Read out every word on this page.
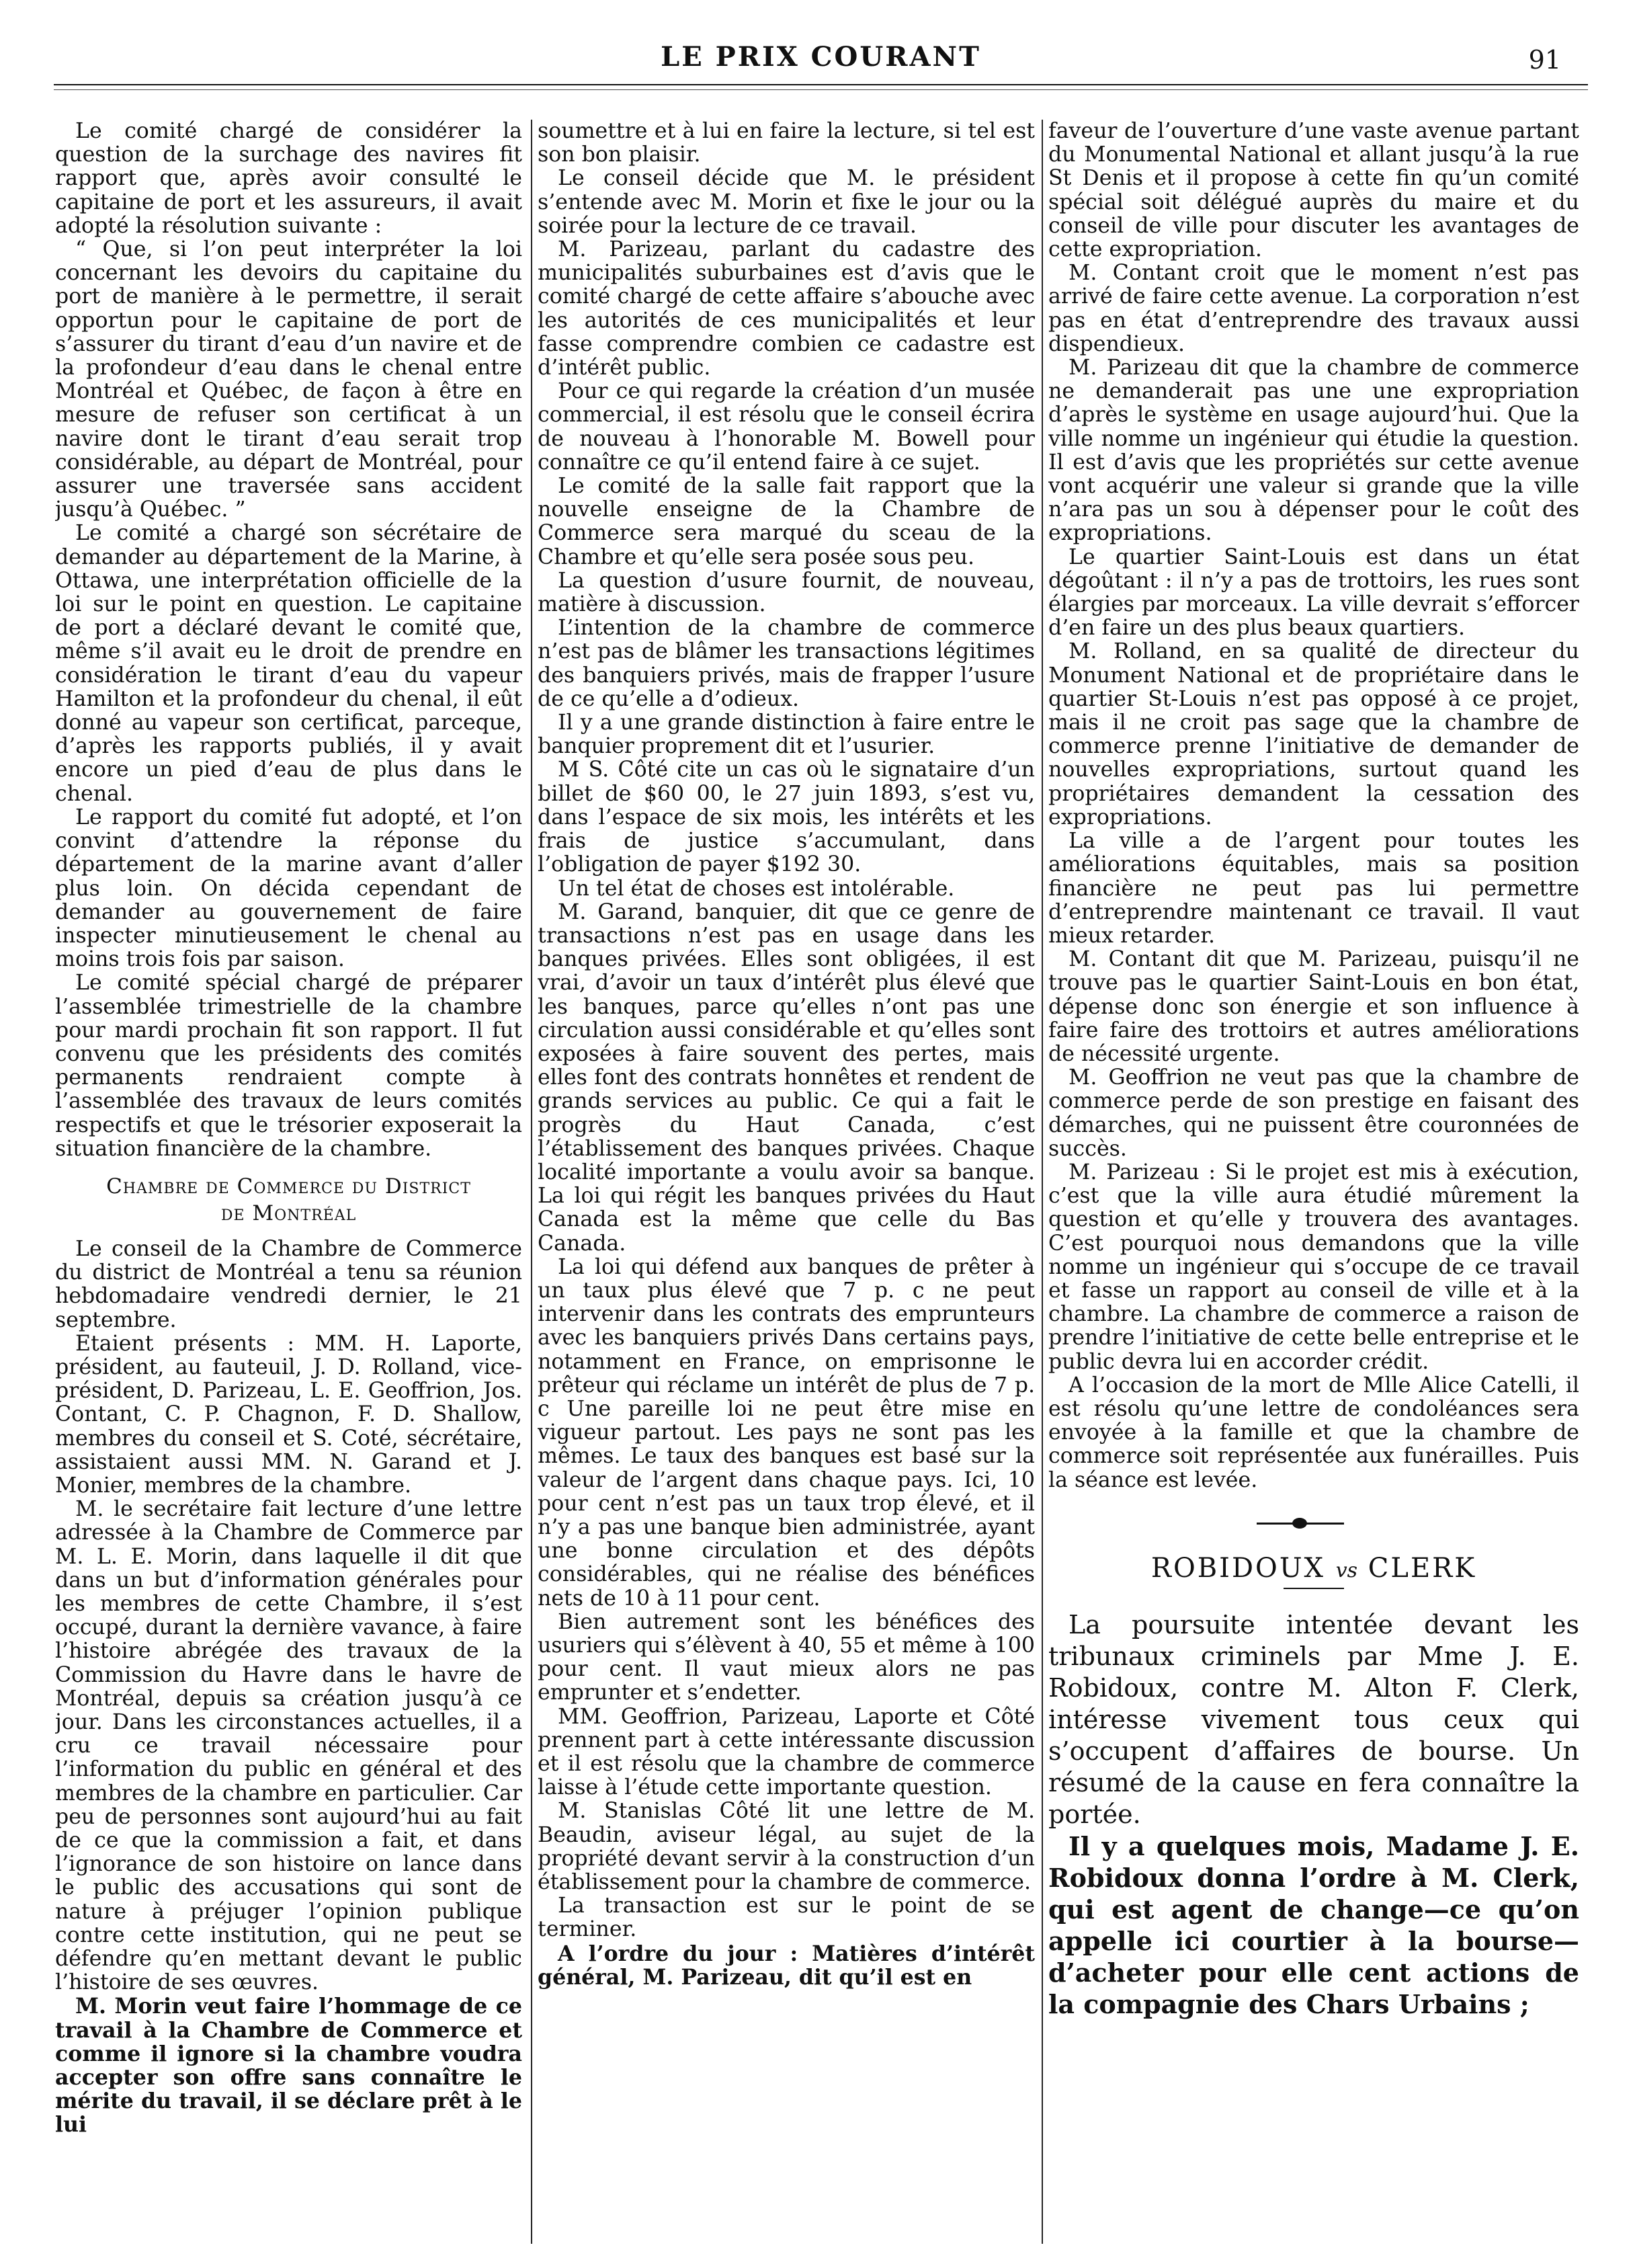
LE PRIX COURANT	91

Le comité chargé de considérer la question de la surchage des navires fit rapport que, après avoir consulté le capitaine de port et les assureurs, il avait adopté la résolution suivante :

“ Que, si l’on peut interpréter la loi concernant les devoirs du capitaine du port de manière à le permettre, il serait opportun pour le capitaine de port de s’assurer du tirant d’eau d’un navire et de la profondeur d’eau dans le chenal entre Montréal et Québec, de façon à être en mesure de refuser son certificat à un navire dont le tirant d’eau serait trop considérable, au départ de Montréal, pour assurer une traversée sans accident jusqu’à Québec. ”

Le comité a chargé son sécrétaire de demander au département de la Marine, à Ottawa, une interprétation officielle de la loi sur le point en question. Le capitaine de port a déclaré devant le comité que, même s’il avait eu le droit de prendre en considération le tirant d’eau du vapeur Hamilton et la profondeur du chenal, il eût donné au vapeur son certificat, parceque, d’après les rapports publiés, il y avait encore un pied d’eau de plus dans le chenal.

Le rapport du comité fut adopté, et l’on convint d’attendre la réponse du département de la marine avant d’aller plus loin. On décida cependant de demander au gouvernement de faire inspecter minutieusement le chenal au moins trois fois par saison.

Le comité spécial chargé de préparer l’assemblée trimestrielle de la chambre pour mardi prochain fit son rapport. Il fut convenu que les présidents des comités permanents rendraient compte à l’assemblée des travaux de leurs comités respectifs et que le trésorier exposerait la situation financière de la chambre.

Chambre de Commerce du District
de Montréal

Le conseil de la Chambre de Commerce du district de Montréal a tenu sa réunion hebdomadaire vendredi dernier, le 21 septembre.

Etaient présents : MM. H. Laporte, président, au fauteuil, J. D. Rolland, vice-président, D. Parizeau, L. E. Geoffrion, Jos. Contant, C. P. Chagnon, F. D. Shallow, membres du conseil et S. Coté, sécrétaire, assistaient aussi MM. N. Garand et J. Monier, membres de la chambre.

M. le secrétaire fait lecture d’une lettre adressée à la Chambre de Commerce par M. L. E. Morin, dans laquelle il dit que dans un but d’information générales pour les membres de cette Chambre, il s’est occupé, durant la dernière vavance, à faire l’histoire abrégée des travaux de la Commission du Havre dans le havre de Montréal, depuis sa création jusqu’à ce jour. Dans les circonstances actuelles, il a cru ce travail nécessaire pour l’information du public en général et des membres de la chambre en particulier. Car peu de personnes sont aujourd’hui au fait de ce que la commission a fait, et dans l’ignorance de son histoire on lance dans le public des accusations qui sont de nature à préjuger l’opinion publique contre cette institution, qui ne peut se défendre qu’en mettant devant le public l’histoire de ses œuvres.

M. Morin veut faire l’hommage de ce travail à la Chambre de Commerce et comme il ignore si la chambre voudra accepter son offre sans connaître le mérite du travail, il se déclare prêt à le lui

soumettre et à lui en faire la lecture, si tel est son bon plaisir.

Le conseil décide que M. le président s’entende avec M. Morin et fixe le jour ou la soirée pour la lecture de ce travail.

M. Parizeau, parlant du cadastre des municipalités suburbaines est d’avis que le comité chargé de cette affaire s’abouche avec les autorités de ces municipalités et leur fasse comprendre combien ce cadastre est d’intérêt public.

Pour ce qui regarde la création d’un musée commercial, il est résolu que le conseil écrira de nouveau à l’honorable M. Bowell pour connaître ce qu’il entend faire à ce sujet.

Le comité de la salle fait rapport que la nouvelle enseigne de la Chambre de Commerce sera marqué du sceau de la Chambre et qu’elle sera posée sous peu.

La question d’usure fournit, de nouveau, matière à discussion.

L’intention de la chambre de commerce n’est pas de blâmer les transactions légitimes des banquiers privés, mais de frapper l’usure de ce qu’elle a d’odieux.

Il y a une grande distinction à faire entre le banquier proprement dit et l’usurier.

M S. Côté cite un cas où le signataire d’un billet de $60 00, le 27 juin 1893, s’est vu, dans l’espace de six mois, les intérêts et les frais de justice s’accumulant, dans l’obligation de payer $192 30.

Un tel état de choses est intolérable.

M. Garand, banquier, dit que ce genre de transactions n’est pas en usage dans les banques privées. Elles sont obligées, il est vrai, d’avoir un taux d’intérêt plus élevé que les banques, parce qu’elles n’ont pas une circulation aussi considérable et qu’elles sont exposées à faire souvent des pertes, mais elles font des contrats honnêtes et rendent de grands services au public. Ce qui a fait le progrès du Haut Canada, c’est l’établissement des banques privées. Chaque localité importante a voulu avoir sa banque. La loi qui régit les banques privées du Haut Canada est la même que celle du Bas Canada.

La loi qui défend aux banques de prêter à un taux plus élevé que 7 p. c ne peut intervenir dans les contrats des emprunteurs avec les banquiers privés Dans certains pays, notamment en France, on emprisonne le prêteur qui réclame un intérêt de plus de 7 p. c Une pareille loi ne peut être mise en vigueur partout. Les pays ne sont pas les mêmes. Le taux des banques est basé sur la valeur de l’argent dans chaque pays. Ici, 10 pour cent n’est pas un taux trop élevé, et il n’y a pas une banque bien administrée, ayant une bonne circulation et des dépôts considérables, qui ne réalise des bénéfices nets de 10 à 11 pour cent.

Bien autrement sont les bénéfices des usuriers qui s’élèvent à 40, 55 et même à 100 pour cent. Il vaut mieux alors ne pas emprunter et s’endetter.

MM. Geoffrion, Parizeau, Laporte et Côté prennent part à cette intéressante discussion et il est résolu que la chambre de commerce laisse à l’étude cette importante question.

M. Stanislas Côté lit une lettre de M. Beaudin, aviseur légal, au sujet de la propriété devant servir à la construction d’un établissement pour la chambre de commerce.

La transaction est sur le point de se terminer.

A l’ordre du jour : Matières d’intérêt général, M. Parizeau, dit qu’il est en

faveur de l’ouverture d’une vaste avenue partant du Monumental National et allant jusqu’à la rue St Denis et il propose à cette fin qu’un comité spécial soit délégué auprès du maire et du conseil de ville pour discuter les avantages de cette expropriation.

M. Contant croit que le moment n’est pas arrivé de faire cette avenue. La corporation n’est pas en état d’entreprendre des travaux aussi dispendieux.

M. Parizeau dit que la chambre de commerce ne demanderait pas une une expropriation d’après le système en usage aujourd’hui. Que la ville nomme un ingénieur qui étudie la question. Il est d’avis que les propriétés sur cette avenue vont acquérir une valeur si grande que la ville n’ara pas un sou à dépenser pour le coût des expropriations.

Le quartier Saint-Louis est dans un état dégoûtant : il n’y a pas de trottoirs, les rues sont élargies par morceaux. La ville devrait s’efforcer d’en faire un des plus beaux quartiers.

M. Rolland, en sa qualité de directeur du Monument National et de propriétaire dans le quartier St-Louis n’est pas opposé à ce projet, mais il ne croit pas sage que la chambre de commerce prenne l’initiative de demander de nouvelles expropriations, surtout quand les propriétaires demandent la cessation des expropriations.

La ville a de l’argent pour toutes les améliorations équitables, mais sa position financière ne peut pas lui permettre d’entreprendre maintenant ce travail. Il vaut mieux retarder.

M. Contant dit que M. Parizeau, puisqu’il ne trouve pas le quartier Saint-Louis en bon état, dépense donc son énergie et son influence à faire faire des trottoirs et autres améliorations de nécessité urgente.

M. Geoffrion ne veut pas que la chambre de commerce perde de son prestige en faisant des démarches, qui ne puissent être couronnées de succès.

M. Parizeau : Si le projet est mis à exécution, c’est que la ville aura étudié mûrement la question et qu’elle y trouvera des avantages. C’est pourquoi nous demandons que la ville nomme un ingénieur qui s’occupe de ce travail et fasse un rapport au conseil de ville et à la chambre. La chambre de commerce a raison de prendre l’initiative de cette belle entreprise et le public devra lui en accorder crédit.

A l’occasion de la mort de Mlle Alice Catelli, il est résolu qu’une lettre de condoléances sera envoyée à la famille et que la chambre de commerce soit représentée aux funérailles. Puis la séance est levée.

ROBIDOUX vs CLERK

La poursuite intentée devant les tribunaux criminels par Mme J. E. Robidoux, contre M. Alton F. Clerk, intéresse vivement tous ceux qui s’occupent d’affaires de bourse. Un résumé de la cause en fera connaître la portée.

Il y a quelques mois, Madame J. E. Robidoux donna l’ordre à M. Clerk, qui est agent de change—ce qu’on appelle ici courtier à la bourse—d’acheter pour elle cent actions de la compagnie des Chars Urbains ;
